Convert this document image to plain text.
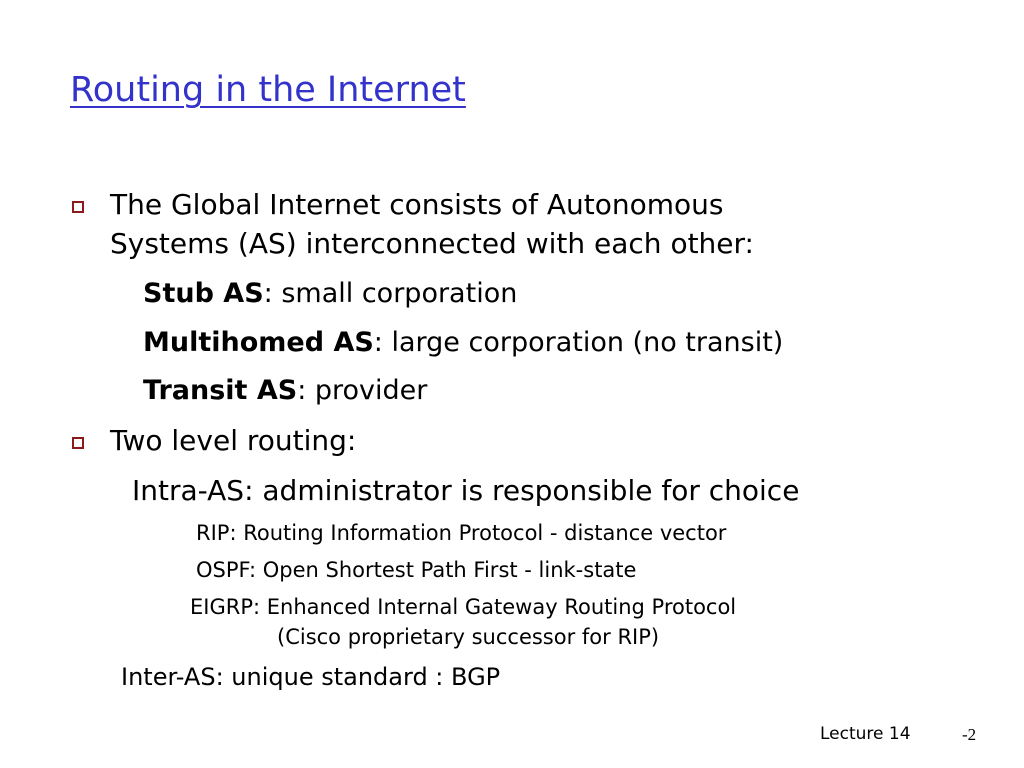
Routing in the Internet
The Global Internet consists of Autonomous
Systems (AS) interconnected with each other:
Stub AS: small corporation
Multihomed AS: large corporation (no transit)
Transit AS: provider
Two level routing:
Intra-AS: administrator is responsible for choice
RIP: Routing Information Protocol - distance vector
OSPF: Open Shortest Path First - link-state
EIGRP: Enhanced Internal Gateway Routing Protocol
(Cisco proprietary successor for RIP)
Inter-AS: unique standard : BGP
Lecture 14	-2
